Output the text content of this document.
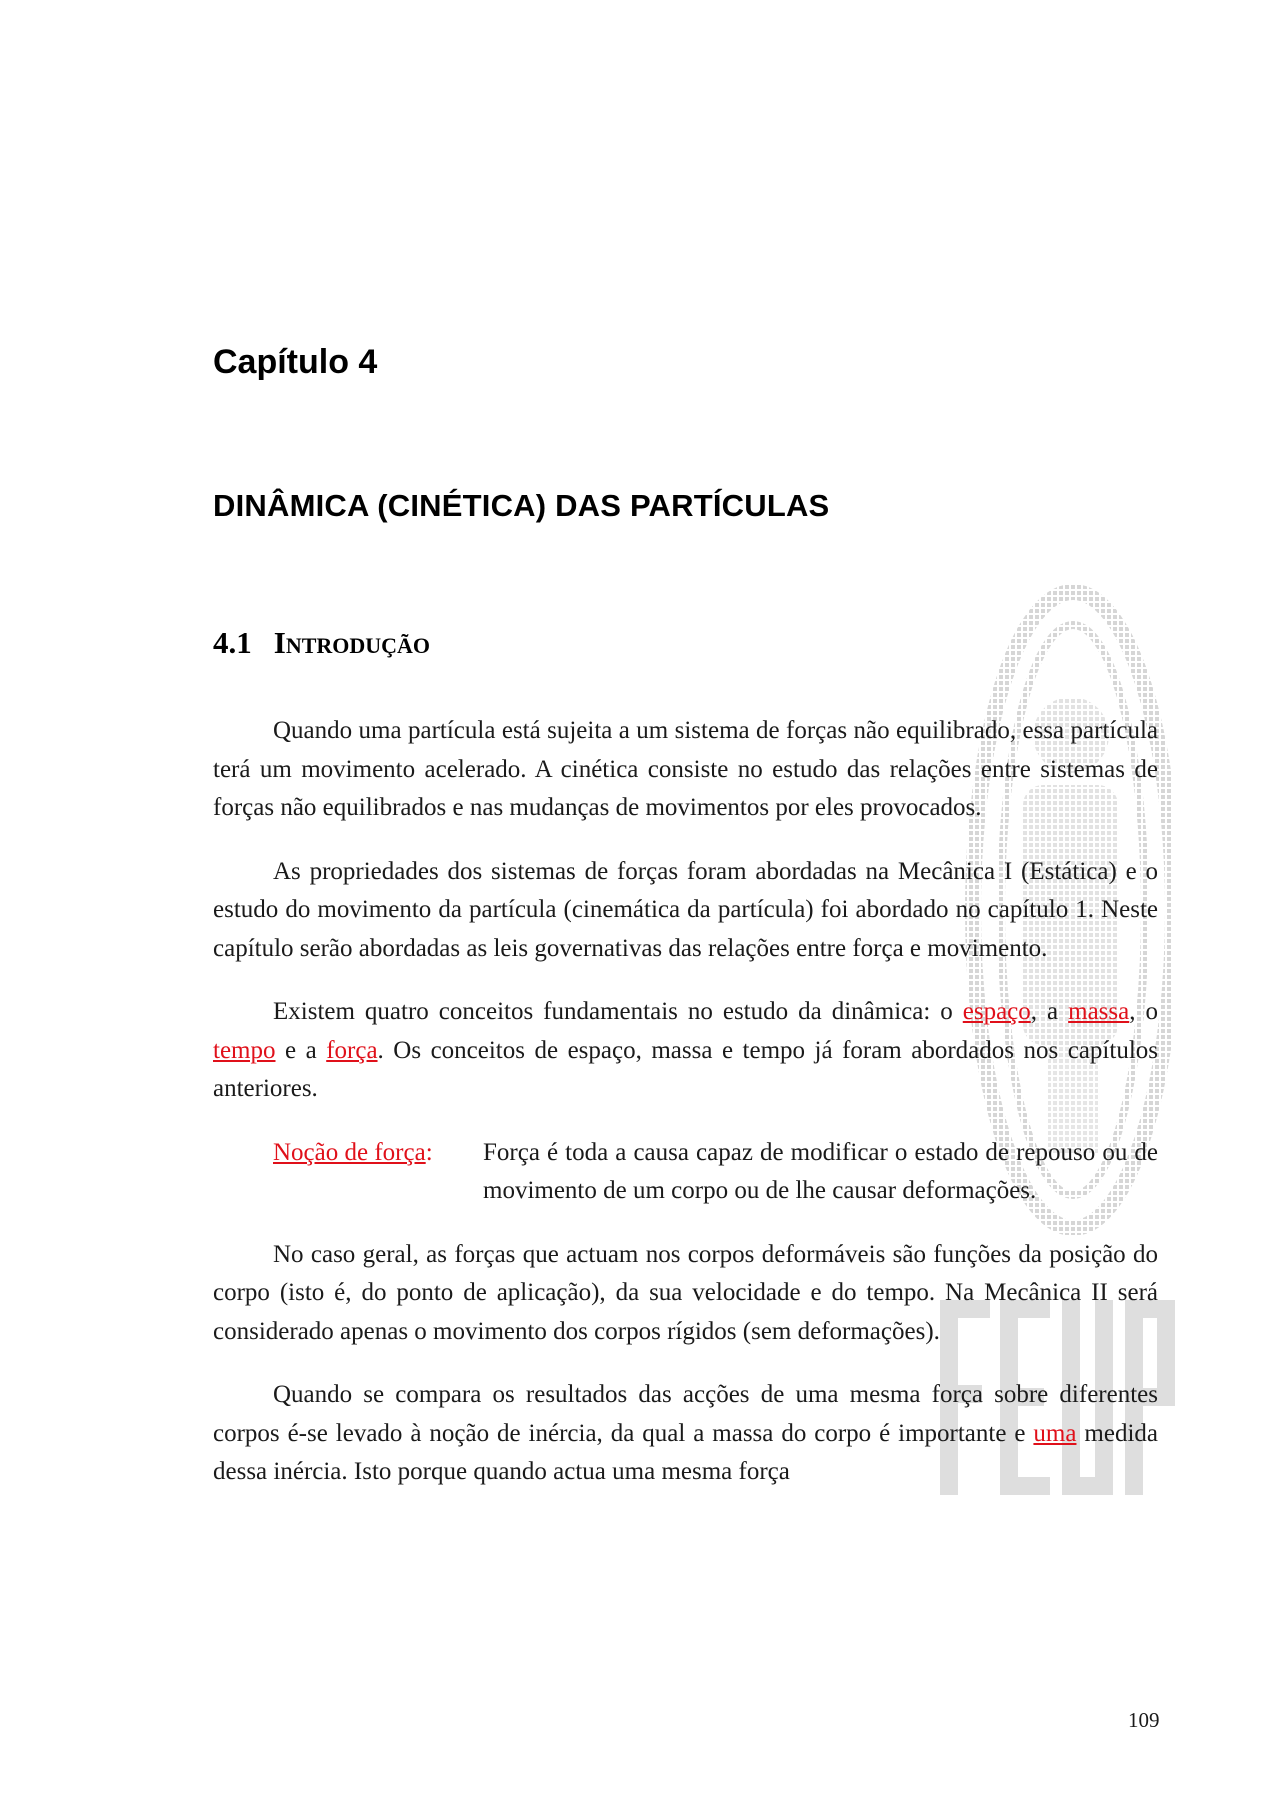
Capítulo 4
DINÂMICA (CINÉTICA) DAS PARTÍCULAS
4.1 Introdução

Quando uma partícula está sujeita a um sistema de forças não equilibrado, essa partícula terá um movimento acelerado. A cinética consiste no estudo das relações entre sistemas de forças não equilibrados e nas mudanças de movimentos por eles provocados.

As propriedades dos sistemas de forças foram abordadas na Mecânica I (Estática) e o estudo do movimento da partícula (cinemática da partícula) foi abordado no capítulo 1. Neste capítulo serão abordadas as leis governativas das relações entre força e movimento.

Existem quatro conceitos fundamentais no estudo da dinâmica: o espaço, a massa, o tempo e a força. Os conceitos de espaço, massa e tempo já foram abordados nos capítulos anteriores.

Noção de força:	Força é toda a causa capaz de modificar o estado de repouso ou de movimento de um corpo ou de lhe causar deformações.

No caso geral, as forças que actuam nos corpos deformáveis são funções da posição do corpo (isto é, do ponto de aplicação), da sua velocidade e do tempo. Na Mecânica II será considerado apenas o movimento dos corpos rígidos (sem deformações).

Quando se compara os resultados das acções de uma mesma força sobre diferentes corpos é-se levado à noção de inércia, da qual a massa do corpo é importante e uma medida dessa inércia. Isto porque quando actua uma mesma força

109
